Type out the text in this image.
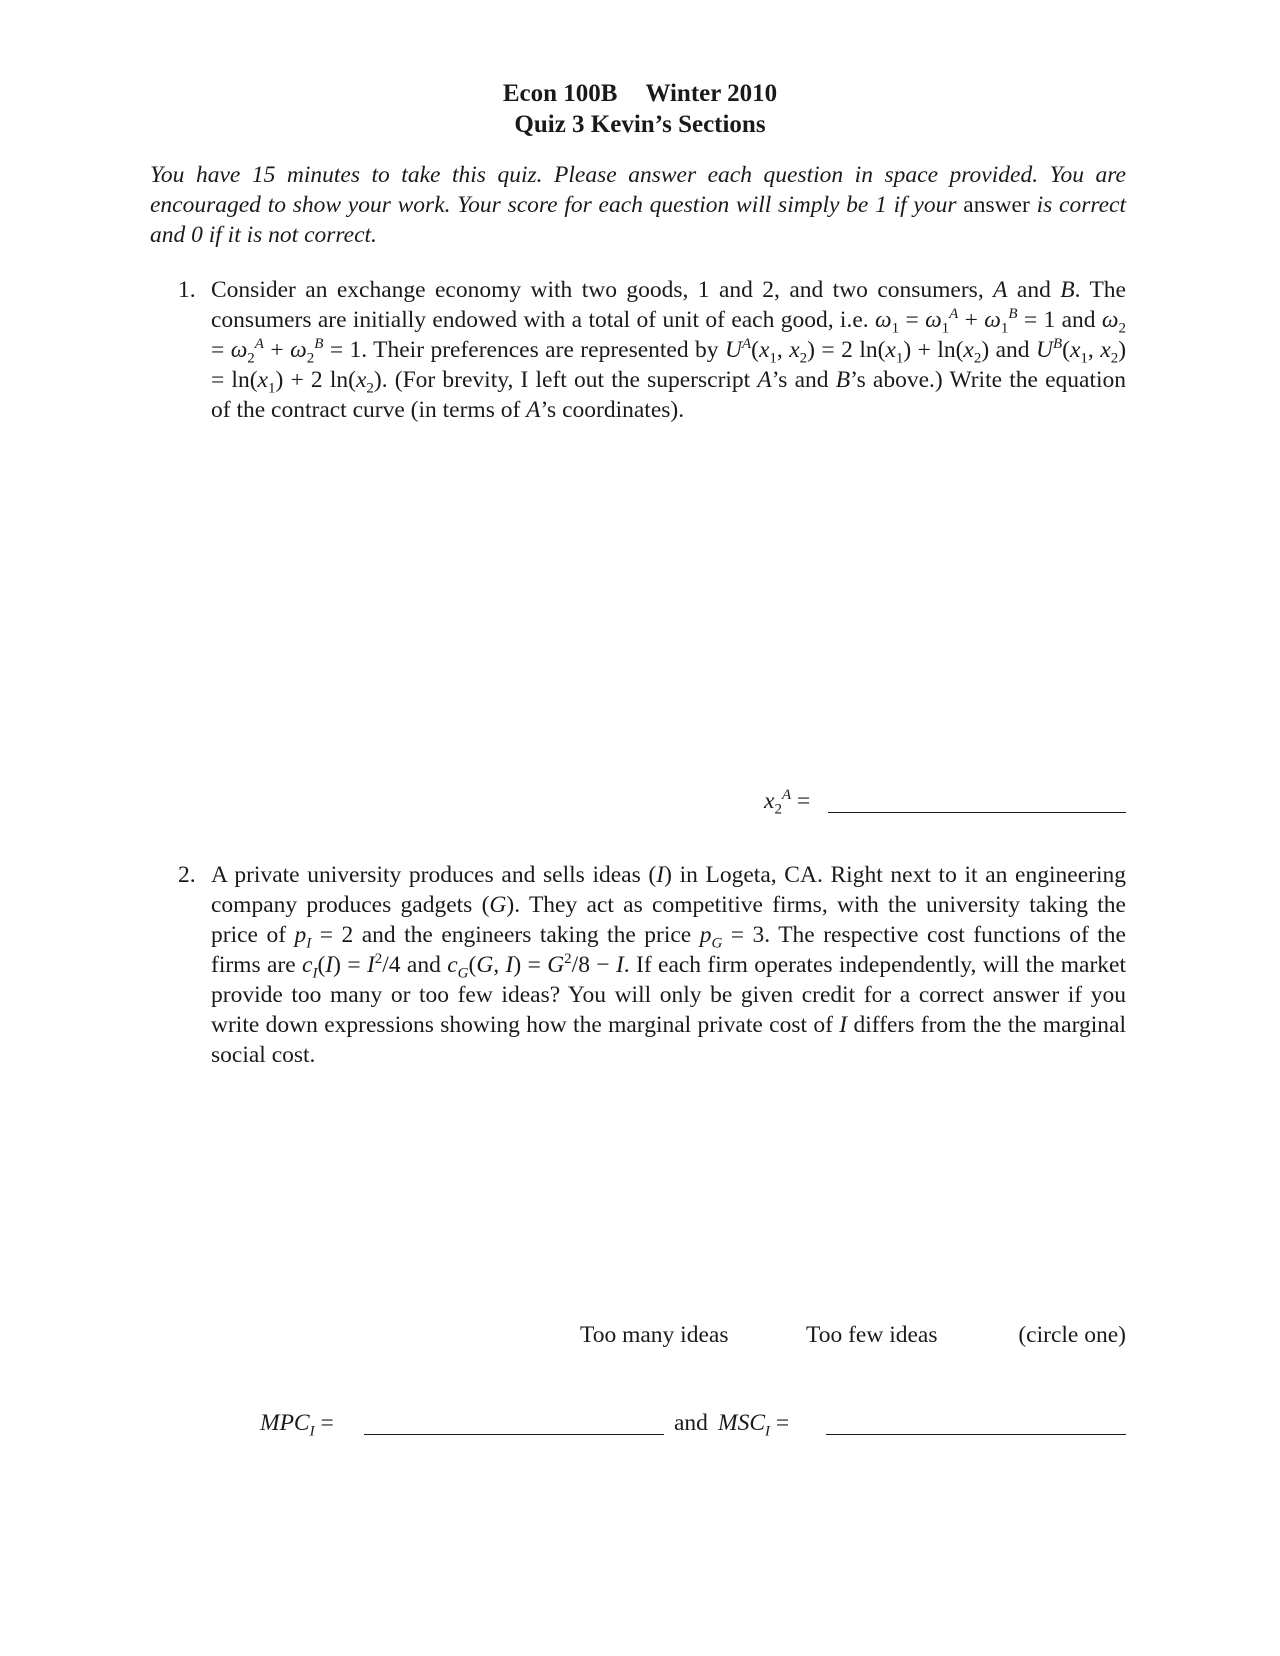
Econ 100B Winter 2010
Quiz 3 Kevin’s Sections
You have 15 minutes to take this quiz. Please answer each question in space provided. You are encouraged to show your work. Your score for each question will simply be 1 if your answer is correct and 0 if it is not correct.
1. Consider an exchange economy with two goods, 1 and 2, and two consumers, A and B. The consumers are initially endowed with a total of unit of each good, i.e. $\omega_1 = \omega_1^A + \omega_1^B = 1$ and $\omega_2 = \omega_2^A + \omega_2^B = 1$. Their preferences are represented by $U^A(x_1$, $x_2) = 2$ $\ln(x_1) + \ln(x_2)$ and $U^B(x_1$, $x_2) = \ln(x_1) + 2$ $\ln(x_2)$. (For brevity, I left out the superscript A’s and B’s above.) Write the equation of the contract curve (in terms of A’s coordinates).
$x_2^A$ =
2. A private university produces and sells ideas (I) in Logeta, CA. Right next to it an engineering company produces gadgets (G). They act as competitive firms, with the university taking the price of $p_I = 2$ and the engineers taking the price $p_G = 3$. The respective cost functions of the firms are $c_I(I) = I^2/4$ and $c_G(G$, $I) = G^2/8 - I$. If each firm operates independently, will the market provide too many or too few ideas? You will only be given credit for a correct answer if you write down expressions showing how the marginal private cost of I differs from the the marginal social cost.
Too many ideas	Too few ideas	(circle one)
$MPC_I$ =	and $MSC_I$ =
